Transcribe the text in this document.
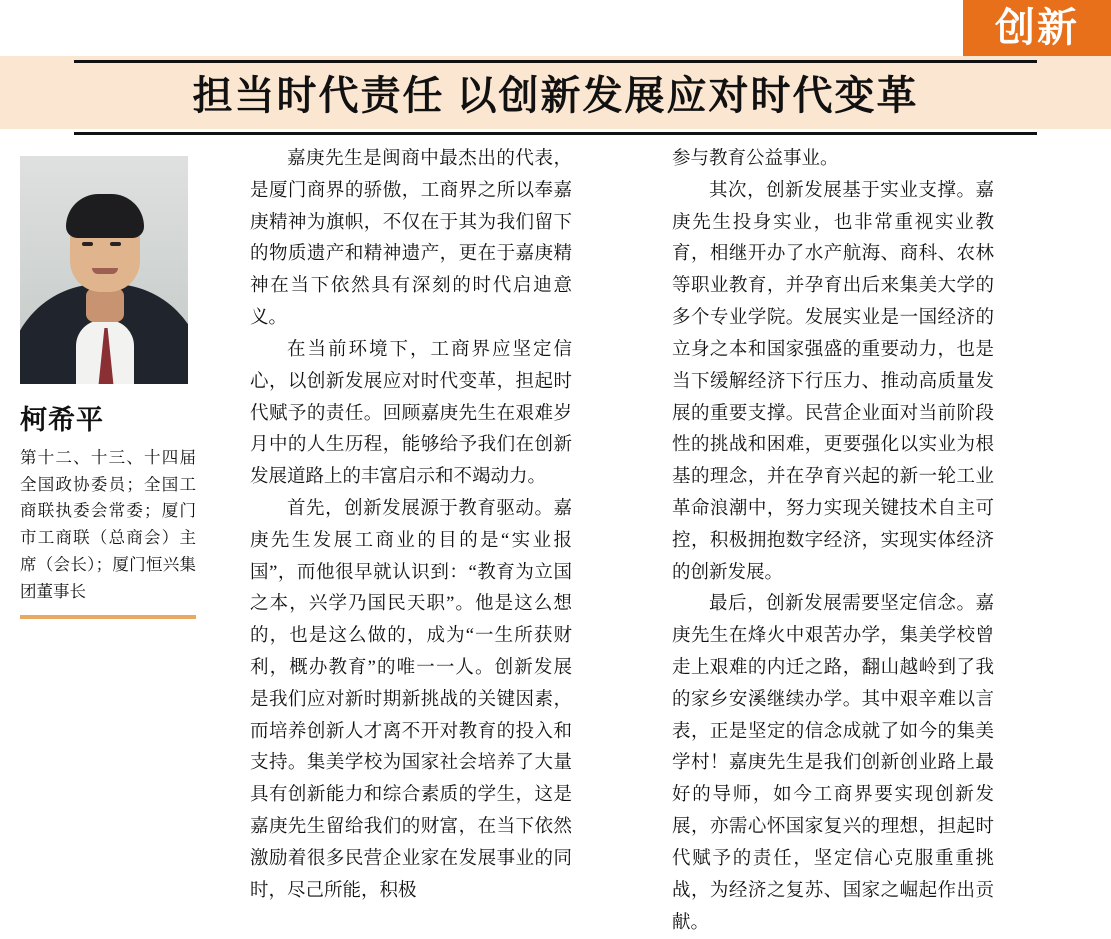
创新
担当时代责任 以创新发展应对时代变革
柯希平
第十二、十三、十四届全国政协委员；全国工商联执委会常委；厦门市工商联（总商会）主席（会长）；厦门恒兴集团董事长

嘉庚先生是闽商中最杰出的代表，是厦门商界的骄傲，工商界之所以奉嘉庚精神为旗帜，不仅在于其为我们留下的物质遗产和精神遗产，更在于嘉庚精神在当下依然具有深刻的时代启迪意义。

在当前环境下，工商界应坚定信心，以创新发展应对时代变革，担起时代赋予的责任。回顾嘉庚先生在艰难岁月中的人生历程，能够给予我们在创新发展道路上的丰富启示和不竭动力。

首先，创新发展源于教育驱动。嘉庚先生发展工商业的目的是“实业报国”，而他很早就认识到：“教育为立国之本，兴学乃国民天职”。他是这么想的，也是这么做的，成为“一生所获财利，概办教育”的唯一一人。创新发展是我们应对新时期新挑战的关键因素，而培养创新人才离不开对教育的投入和支持。集美学校为国家社会培养了大量具有创新能力和综合素质的学生，这是嘉庚先生留给我们的财富，在当下依然激励着很多民营企业家在发展事业的同时，尽己所能，积极

参与教育公益事业。

其次，创新发展基于实业支撑。嘉庚先生投身实业，也非常重视实业教育，相继开办了水产航海、商科、农林等职业教育，并孕育出后来集美大学的多个专业学院。发展实业是一国经济的立身之本和国家强盛的重要动力，也是当下缓解经济下行压力、推动高质量发展的重要支撑。民营企业面对当前阶段性的挑战和困难，更要强化以实业为根基的理念，并在孕育兴起的新一轮工业革命浪潮中，努力实现关键技术自主可控，积极拥抱数字经济，实现实体经济的创新发展。

最后，创新发展需要坚定信念。嘉庚先生在烽火中艰苦办学，集美学校曾走上艰难的内迁之路，翻山越岭到了我的家乡安溪继续办学。其中艰辛难以言表，正是坚定的信念成就了如今的集美学村！嘉庚先生是我们创新创业路上最好的导师，如今工商界要实现创新发展，亦需心怀国家复兴的理想，担起时代赋予的责任，坚定信心克服重重挑战，为经济之复苏、国家之崛起作出贡献。
